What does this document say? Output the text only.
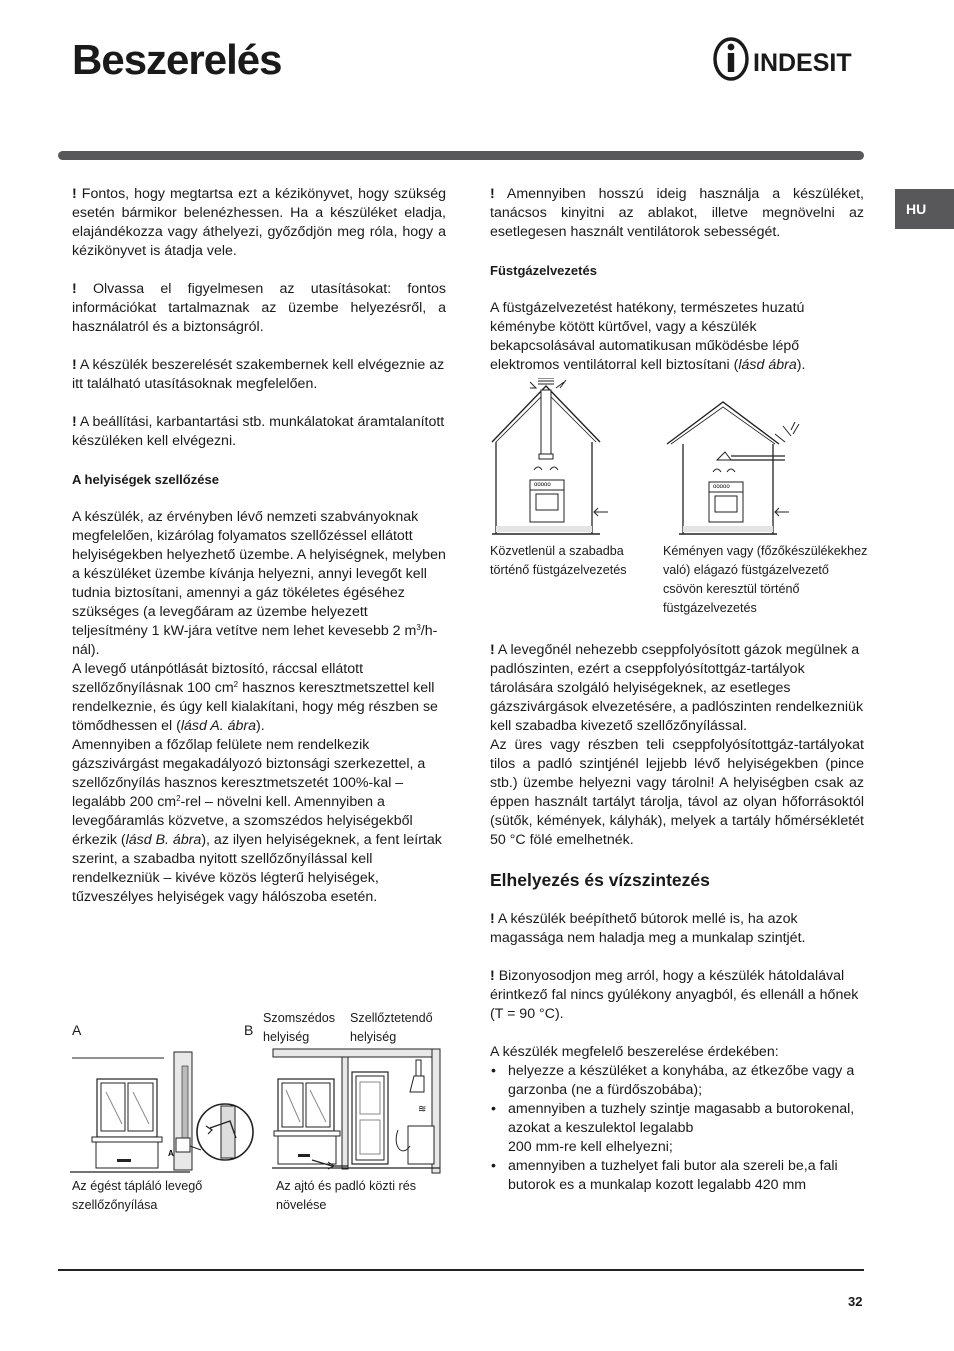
Beszerelés	INDESIT
HU

! Fontos, hogy megtartsa ezt a kézikönyvet, hogy szükség esetén bármikor belenézhessen. Ha a készüléket eladja, elajándékozza vagy áthelyezi, győződjön meg róla, hogy a kézikönyvet is átadja vele.

! Olvassa el figyelmesen az utasításokat: fontos információkat tartalmaznak az üzembe helyezésről, a használatról és a biztonságról.

! A készülék beszerelését szakembernek kell elvégeznie az itt található utasításoknak megfelelően.

! A beállítási, karbantartási stb. munkálatokat áramtalanított készüléken kell elvégezni.

A helyiségek szellőzése

A készülék, az érvényben lévő nemzeti szabványoknak megfelelően, kizárólag folyamatos szellőzéssel ellátott helyiségekben helyezhető üzembe. A helyiségnek, melyben a készüléket üzembe kívánja helyezni, annyi levegőt kell tudnia biztosítani, amennyi a gáz tökéletes égéséhez szükséges (a levegőáram az üzembe helyezett teljesítmény 1 kW-jára vetítve nem lehet kevesebb 2 $m^3/h-nál$).

A levegő utánpótlását biztosító, ráccsal ellátott szellőzőnyílásnak 100 $cm^2$ hasznos keresztmetszettel kell rendelkeznie, és úgy kell kialakítani, hogy még részben se tömődhessen el (lásd A. ábra).

Amennyiben a főzőlap felülete nem rendelkezik gázszivárgást megakadályozó biztonsági szerkezettel, a szellőzőnyílás hasznos keresztmetszetét 100%-kal – legalább 200 $cm^2$-rel – növelni kell. Amennyiben a levegőáramlás közvetve, a szomszédos helyiségekből érkezik (lásd B. ábra), az ilyen helyiségeknek, a fent leírtak szerint, a szabadba nyitott szellőzőnyílással kell rendelkezniük – kivéve közös légterű helyiségek, tűzveszélyes helyiségek vagy hálószoba esetén.

A	B
Szomszédos helyiség
Szellőztetendő helyiség
A
≋
Az égést tápláló levegő szellőzőnyílása
Az ajtó és padló közti rés növelése

! Amennyiben hosszú ideig használja a készüléket, tanácsos kinyitni az ablakot, illetve megnövelni az esetlegesen használt ventilátorok sebességét.

Füstgázelvezetés

A füstgázelvezetést hatékony, természetes huzatú kéménybe kötött kürtővel, vagy a készülék bekapcsolásával automatikusan működésbe lépő elektromos ventilátorral kell biztosítani (lásd ábra).

ooooo	ooooo
Közvetlenül a szabadba történő füstgázelvezetés
Kéményen vagy (főzőkészülékekhez való) elágazó füstgázelvezető csövön keresztül történő füstgázelvezetés

! A levegőnél nehezebb cseppfolyósított gázok megülnek a padlószinten, ezért a cseppfolyósítottgáz-tartályok tárolására szolgáló helyiségeknek, az esetleges gázszivárgások elvezetésére, a padlószinten rendelkezniük kell szabadba kivezető szellőzőnyílással.

Az üres vagy részben teli cseppfolyósítottgáz-tartályokat tilos a padló szintjénél lejjebb lévő helyiségekben (pince stb.) üzembe helyezni vagy tárolni! A helyiségben csak az éppen használt tartályt tárolja, távol az olyan hőforrásoktól (sütők, kémények, kályhák), melyek a tartály hőmérsékletét 50 °C fölé emelhetnék.

Elhelyezés és vízszintezés

! A készülék beépíthető bútorok mellé is, ha azok magassága nem haladja meg a munkalap szintjét.

! Bizonyosodjon meg arról, hogy a készülék hátoldalával érintkező fal nincs gyúlékony anyagból, és ellenáll a hőnek (T = 90 °C).

A készülék megfelelő beszerelése érdekében:

• helyezze a készüléket a konyhába, az étkezőbe vagy a garzonba (ne a fürdőszobába);
• amennyiben a tuzhely szintje magasabb a butorokenal, azokat a keszulektol legalabb
200 mm-re kell elhelyezni;
• amennyiben a tuzhelyet fali butor ala szereli be,a fali butorok es a munkalap kozott legalabb 420 mm
32
